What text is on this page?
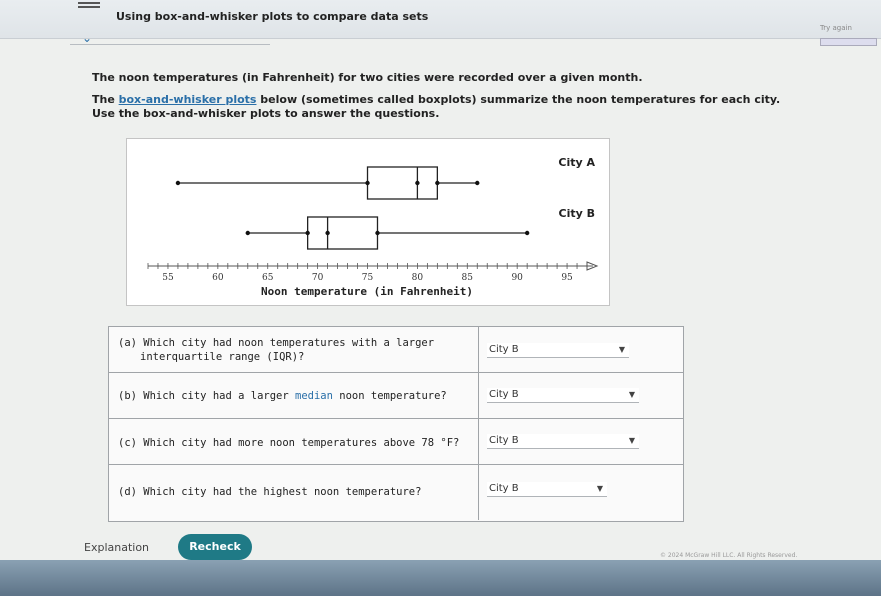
Using box-and-whisker plots to compare data sets
Try again
⌄
The noon temperatures (in Fahrenheit) for two cities were recorded over a given month.
The box-and-whisker plots below (sometimes called boxplots) summarize the noon temperatures for each city.
Use the box-and-whisker plots to answer the questions.
City A
City B
55	60	65	70	75	80	85	90	95
Noon temperature (in Fahrenheit)
(a) Which city had noon temperatures with a larger
interquartile range (IQR)?
City B	▼
(b) Which city had a larger median noon temperature?	City B	▼
(c) Which city had more noon temperatures above 78 °F?	City B	▼
(d) Which city had the highest noon temperature?	City B	▼
Explanation	Recheck
© 2024 McGraw Hill LLC. All Rights Reserved.
